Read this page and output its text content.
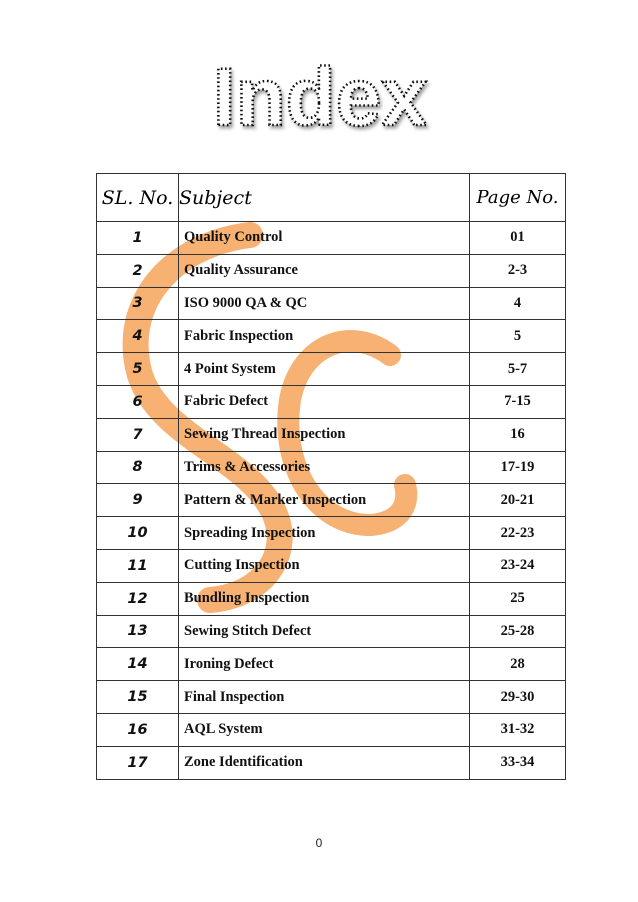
Index
SL. No.	Subject	Page No.
1	Quality Control	01
2	Quality Assurance	2-3
3	ISO 9000 QA & QC	4
4	Fabric Inspection	5
5	4 Point System	5-7
6	Fabric Defect	7-15
7	Sewing Thread Inspection	16
8	Trims & Accessories	17-19
9	Pattern & Marker Inspection	20-21
10	Spreading Inspection	22-23
11	Cutting Inspection	23-24
12	Bundling Inspection	25
13	Sewing Stitch Defect	25-28
14	Ironing Defect	28
15	Final Inspection	29-30
16	AQL System	31-32
17	Zone Identification	33-34
0
